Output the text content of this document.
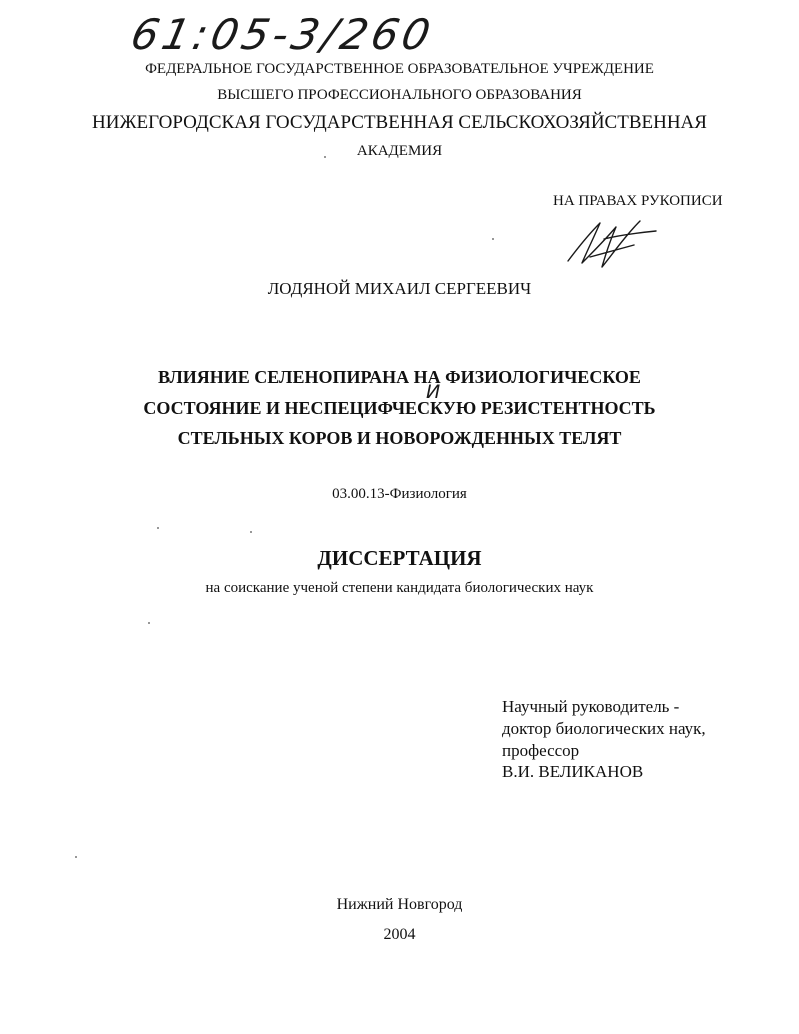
61:05-3/260
ФЕДЕРАЛЬНОЕ ГОСУДАРСТВЕННОЕ ОБРАЗОВАТЕЛЬНОЕ УЧРЕЖДЕНИЕ
ВЫСШЕГО ПРОФЕССИОНАЛЬНОГО ОБРАЗОВАНИЯ
НИЖЕГОРОДСКАЯ ГОСУДАРСТВЕННАЯ СЕЛЬСКОХОЗЯЙСТВЕННАЯ
АКАДЕМИЯ
НА ПРАВАХ РУКОПИСИ
ЛОДЯНОЙ МИХАИЛ СЕРГЕЕВИЧ
ВЛИЯНИЕ СЕЛЕНОПИРАНА НА ФИЗИОЛОГИЧЕСКОЕ
И
СОСТОЯНИЕ И НЕСПЕЦИФЧЕСКУЮ РЕЗИСТЕНТНОСТЬ
СТЕЛЬНЫХ КОРОВ И НОВОРОЖДЕННЫХ ТЕЛЯТ
03.00.13-Физиология
ДИССЕРТАЦИЯ
на соискание ученой степени кандидата биологических наук
Научный руководитель -
доктор биологических наук,
профессор
В.И. ВЕЛИКАНОВ
Нижний Новгород
2004
